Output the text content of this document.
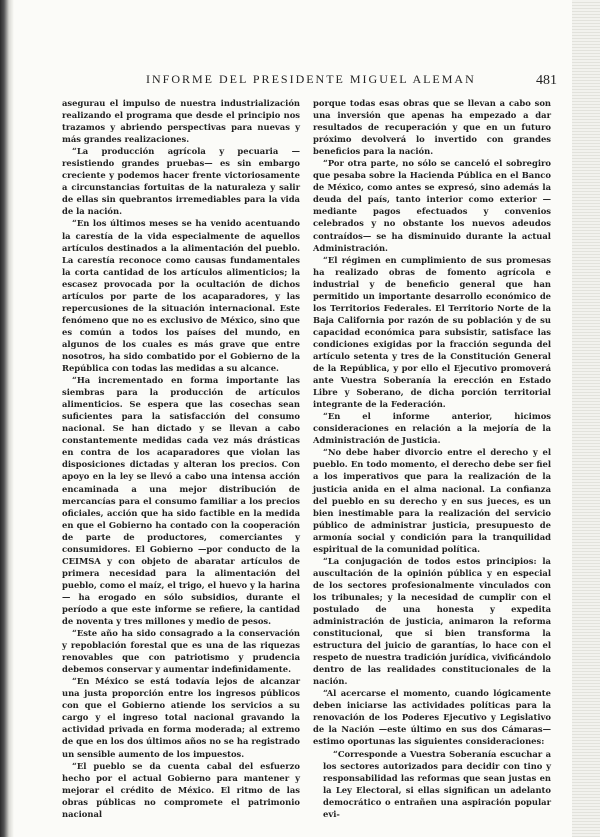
INFORME DEL PRESIDENTE MIGUEL ALEMAN	481

asegurau el impulso de nuestra industrialización realizando el programa que desde el principio nos trazamos y abriendo perspectivas para nuevas y más grandes realizaciones.

“La producción agrícola y pecuaria —resistiendo grandes pruebas— es sin embargo creciente y podemos hacer frente victoriosamente a circunstancias fortuitas de la naturaleza y salir de ellas sin quebrantos irremediables para la vida de la nación.

“En los últimos meses se ha venido acentuando la carestía de la vida especialmente de aquellos artículos destinados a la alimentación del pueblo. La carestía reconoce como causas fundamentales la corta cantidad de los artículos alimenticios; la escasez provocada por la ocultación de dichos artículos por parte de los acaparadores, y las repercusiones de la situación internacional. Este fenómeno que no es exclusivo de México, sino que es común a todos los países del mundo, en algunos de los cuales es más grave que entre nosotros, ha sido combatido por el Gobierno de la República con todas las medidas a su alcance.

“Ha incrementado en forma importante las siembras para la producción de artículos alimenticios. Se espera que las cosechas sean suficientes para la satisfacción del consumo nacional. Se han dictado y se llevan a cabo constantemente medidas cada vez más drásticas en contra de los acaparadores que violan las disposiciones dictadas y alteran los precios. Con apoyo en la ley se llevó a cabo una intensa acción encaminada a una mejor distribución de mercancías para el consumo familiar a los precios oficiales, acción que ha sido factible en la medida en que el Gobierno ha contado con la cooperación de parte de productores, comerciantes y consumidores. El Gobierno —por conducto de la CEIMSA y con objeto de abaratar artículos de primera necesidad para la alimentación del pueblo, como el maíz, el trigo, el huevo y la harina— ha erogado en sólo subsidios, durante el período a que este informe se refiere, la cantidad de noventa y tres millones y medio de pesos.

“Este año ha sido consagrado a la conservación y repoblación forestal que es una de las riquezas renovables que con patriotismo y prudencia debemos conservar y aumentar indefinidamente.

“En México se está todavía lejos de alcanzar una justa proporción entre los ingresos públicos con que el Gobierno atiende los servicios a su cargo y el ingreso total nacional gravando la actividad privada en forma moderada; al extremo de que en los dos últimos años no se ha registrado un sensible aumento de los impuestos.

“El pueblo se da cuenta cabal del esfuerzo hecho por el actual Gobierno para mantener y mejorar el crédito de México. El ritmo de las obras públicas no compromete el patrimonio nacional

porque todas esas obras que se llevan a cabo son una inversión que apenas ha empezado a dar resultados de recuperación y que en un futuro próximo devolverá lo invertido con grandes beneficios para la nación.

“Por otra parte, no sólo se canceló el sobregiro que pesaba sobre la Hacienda Pública en el Banco de México, como antes se expresó, sino además la deuda del país, tanto interior como exterior —mediante pagos efectuados y convenios celebrados y no obstante los nuevos adeudos contraídos— se ha disminuido durante la actual Administración.

“El régimen en cumplimiento de sus promesas ha realizado obras de fomento agrícola e industrial y de beneficio general que han permitido un importante desarrollo económico de los Territorios Federales. El Territorio Norte de la Baja California por razón de su población y de su capacidad económica para subsistir, satisface las condiciones exigidas por la fracción segunda del artículo setenta y tres de la Constitución General de la República, y por ello el Ejecutivo promoverá ante Vuestra Soberanía la erección en Estado Libre y Soberano, de dicha porción territorial integrante de la Federación.

“En el informe anterior, hicimos consideraciones en relación a la mejoría de la Administración de Justicia.

“No debe haber divorcio entre el derecho y el pueblo. En todo momento, el derecho debe ser fiel a los imperativos que para la realización de la justicia anida en el alma nacional. La confianza del pueblo en su derecho y en sus jueces, es un bien inestimable para la realización del servicio público de administrar justicia, presupuesto de armonía social y condición para la tranquilidad espiritual de la comunidad política.

“La conjugación de todos estos principios: la auscultación de la opinión pública y en especial de los sectores profesionalmente vinculados con los tribunales; y la necesidad de cumplir con el postulado de una honesta y expedita administración de justicia, animaron la reforma constitucional, que si bien transforma la estructura del juicio de garantías, lo hace con el respeto de nuestra tradición jurídica, vivificándolo dentro de las realidades constitucionales de la nación.

“Al acercarse el momento, cuando lógicamente deben iniciarse las actividades políticas para la renovación de los Poderes Ejecutivo y Legislativo de la Nación —este último en sus dos Cámaras— estimo oportunas las siguientes consideraciones:

“Corresponde a Vuestra Soberanía escuchar a los sectores autorizados para decidir con tino y responsabilidad las reformas que sean justas en la Ley Electoral, si ellas significan un adelanto democrático o entrañen una aspiración popular evi-
